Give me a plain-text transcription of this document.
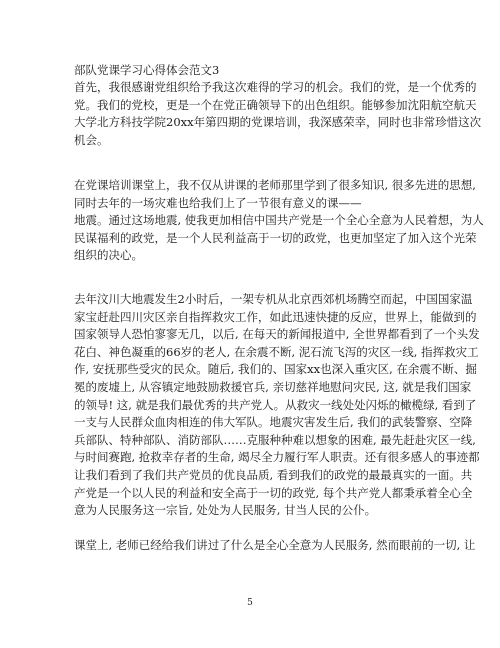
部队党课学习心得体会范文3
首先，我很感谢党组织给予我这次难得的学习的机会。我们的党，是一个优秀的
党。我们的党校，更是一个在党正确领导下的出色组织。能够参加沈阳航空航天
大学北方科技学院20xx年第四期的党课培训，我深感荣幸，同时也非常珍惜这次
机会。
在党课培训课堂上，我不仅从讲课的老师那里学到了很多知识, 很多先进的思想,
同时去年的一场灾难也给我们上了一节很有意义的课——
地震。通过这场地震, 使我更加相信中国共产党是一个全心全意为人民着想，为人
民谋福利的政党，是一个人民利益高于一切的政党，也更加坚定了加入这个光荣
组织的决心。
去年汶川大地震发生2小时后，一架专机从北京西郊机场腾空而起，中国国家温
家宝赶赴四川灾区亲自指挥救灾工作，如此迅速快捷的反应，世界上，能做到的
国家领导人恐怕寥寥无几，以后, 在每天的新闻报道中, 全世界都看到了一个头发
花白、神色凝重的66岁的老人, 在余震不断, 泥石流飞泻的灾区一线, 指挥救灾工
作, 安抚那些受灾的民众。随后, 我们的、国家xx也深入重灾区, 在余震不断、掘
冕的废墟上, 从容镇定地鼓励救援官兵, 亲切慈祥地慰问灾民, 这, 就是我们国家
的领导! 这, 就是我们最优秀的共产党人。从救灾一线处处闪烁的橄榄绿, 看到了
一支与人民群众血肉相连的伟大军队。地震灾害发生后, 我们的武装警察、空降
兵部队、特种部队、消防部队……克服种种难以想象的困难, 最先赶赴灾区一线,
与时间赛跑, 抢救幸存者的生命, 竭尽全力履行军人职责。还有很多感人的事迹都
让我们看到了我们共产党员的优良品质, 看到我们的政党的最最真实的一面。共
产党是一个以人民的利益和安全高于一切的政党, 每个共产党人都秉承着全心全
意为人民服务这一宗旨, 处处为人民服务, 甘当人民的公仆。
课堂上, 老师已经给我们讲过了什么是全心全意为人民服务, 然而眼前的一切, 让
5
